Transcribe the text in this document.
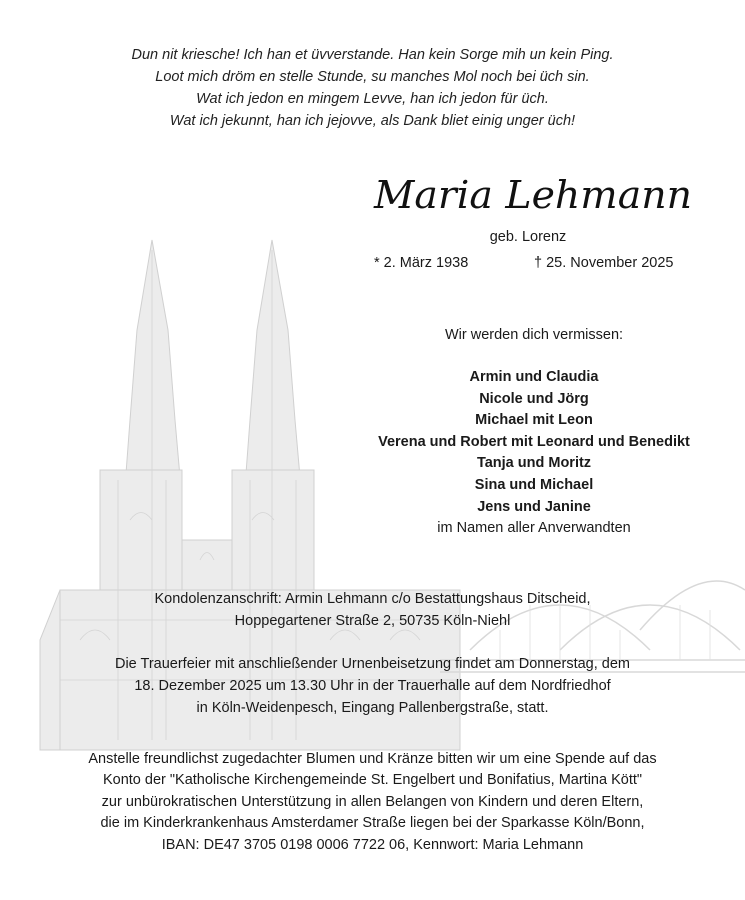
Dun nit kriesche! Ich han et üvverstande. Han kein Sorge mih un kein Ping.
Loot mich dröm en stelle Stunde, su manches Mol noch bei üch sin.
Wat ich jedon en mingem Levve, han ich jedon für üch.
Wat ich jekunnt, han ich jejovve, als Dank bliet einig unger üch!
Maria Lehmann
geb. Lorenz
* 2. März 1938	† 25. November 2025
Wir werden dich vermissen:
Armin und Claudia
Nicole und Jörg
Michael mit Leon
Verena und Robert mit Leonard und Benedikt
Tanja und Moritz
Sina und Michael
Jens und Janine
im Namen aller Anverwandten
Kondolenzanschrift: Armin Lehmann c/o Bestattungshaus Ditscheid,
Hoppegartener Straße 2, 50735 Köln-Niehl
Die Trauerfeier mit anschließender Urnenbeisetzung findet am Donnerstag, dem
18. Dezember 2025 um 13.30 Uhr in der Trauerhalle auf dem Nordfriedhof
in Köln-Weidenpesch, Eingang Pallenbergstraße, statt.
Anstelle freundlichst zugedachter Blumen und Kränze bitten wir um eine Spende auf das
Konto der "Katholische Kirchengemeinde St. Engelbert und Bonifatius, Martina Kött"
zur unbürokratischen Unterstützung in allen Belangen von Kindern und deren Eltern,
die im Kinderkrankenhaus Amsterdamer Straße liegen bei der Sparkasse Köln/Bonn,
IBAN: DE47 3705 0198 0006 7722 06, Kennwort: Maria Lehmann
